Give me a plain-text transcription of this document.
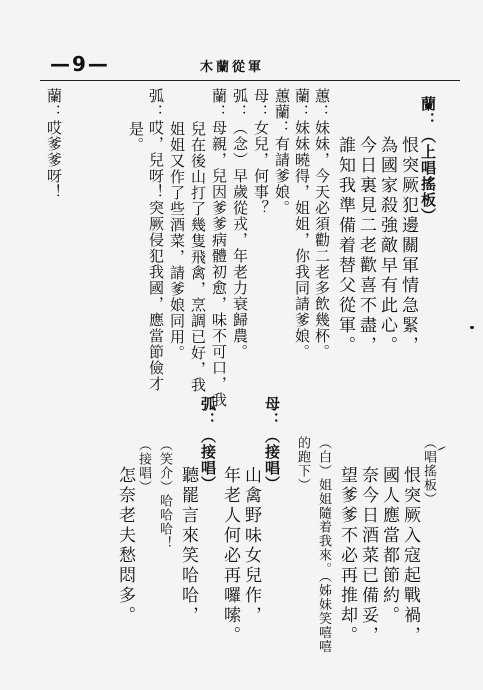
—9—	木蘭從軍
蘭：（上唱搖板）
恨突厥犯邊關軍情急緊，
為國家殺強敵早有此心。
今日裏見二老歡喜不盡，
誰知我準備着替父從軍。
蕙：妹妹，今天必須勸二老多飲幾杯。
蘭：妹妹曉得，姐姐，你我同請爹娘。
蕙蘭：有請爹娘。
母：女兒，何事？
弧：（念）早歲從戎，年老力衰歸農。
蘭：母親，兒因爹爹病體初愈，味不可口，我
兒在後山打了幾隻飛禽，烹調已好，我
姐姐又作了些酒菜，請爹娘同用。
弧：哎，兒呀！突厥侵犯我國，應當節儉才
是。
蘭：哎爹爹呀！
（唱搖板）
恨突厥入寇起戰禍，
國人應當都節約。
奈今日酒菜已備妥，
望爹爹不必再推却。
（白）姐姐隨着我來。（姊妹笑嘻嘻
的跑下）
母：（接唱）
山禽野味女兒作，
年老人何必再囉嗦。
弧：（接唱）
聽罷言來笑哈哈，
（笑介）哈哈哈！
（接唱）
怎奈老夫愁悶多。
